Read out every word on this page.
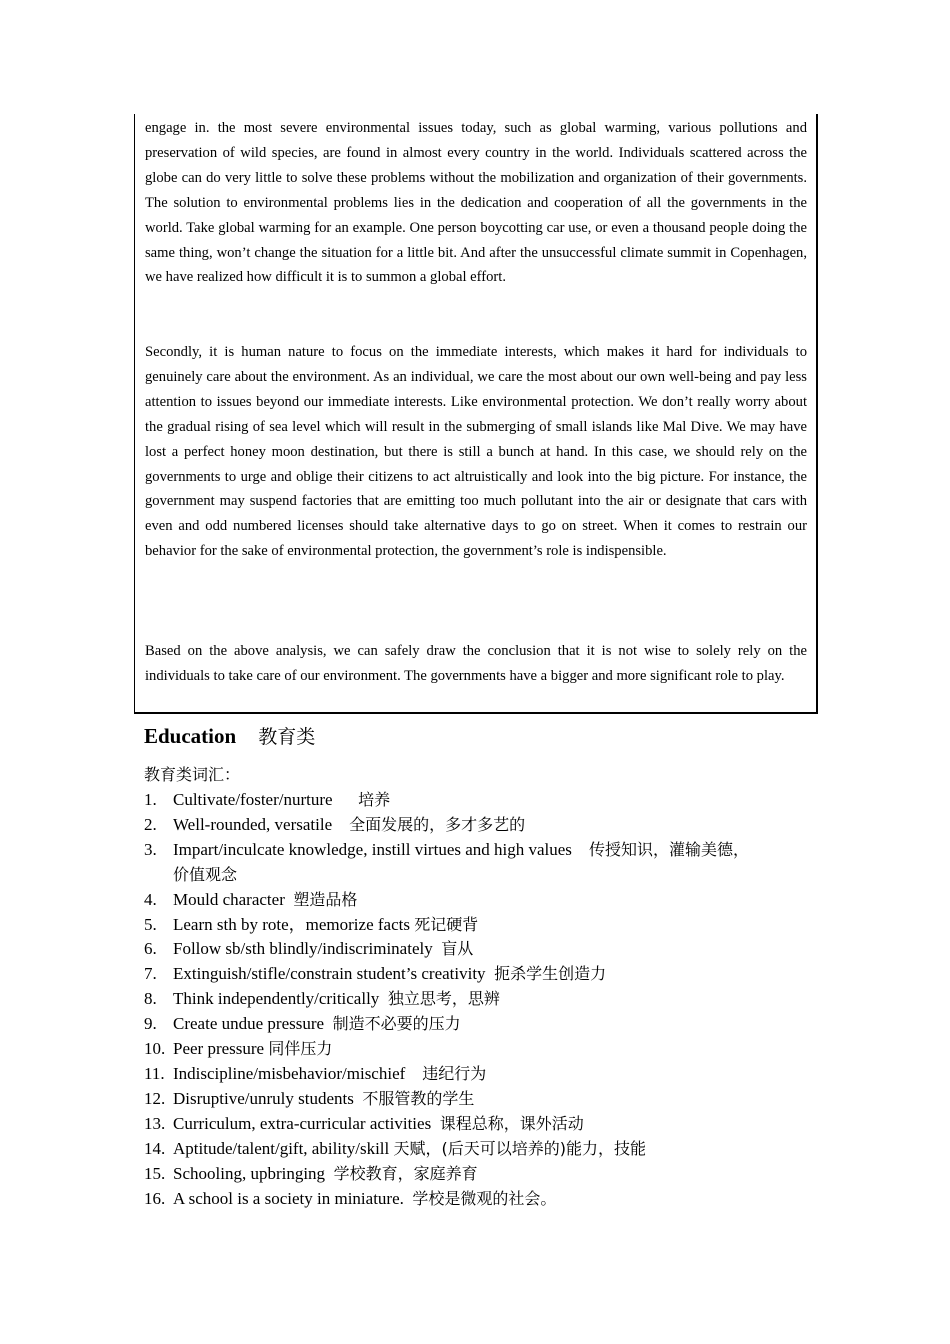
engage in. the most severe environmental issues today, such as global warming, various pollutions and preservation of wild species, are found in almost every country in the world. Individuals scattered across the globe can do very little to solve these problems without the mobilization and organization of their governments. The solution to environmental problems lies in the dedication and cooperation of all the governments in the world. Take global warming for an example. One person boycotting car use, or even a thousand people doing the same thing, won’t change the situation for a little bit. And after the unsuccessful climate summit in Copenhagen, we have realized how difficult it is to summon a global effort.

Secondly, it is human nature to focus on the immediate interests, which makes it hard for individuals to genuinely care about the environment. As an individual, we care the most about our own well-being and pay less attention to issues beyond our immediate interests. Like environmental protection. We don’t really worry about the gradual rising of sea level which will result in the submerging of small islands like Mal Dive. We may have lost a perfect honey moon destination, but there is still a bunch at hand. In this case, we should rely on the governments to urge and oblige their citizens to act altruistically and look into the big picture. For instance, the government may suspend factories that are emitting too much pollutant into the air or designate that cars with even and odd numbered licenses should take alternative days to go on street. When it comes to restrain our behavior for the sake of environmental protection, the government’s role is indispensible.

Based on the above analysis, we can safely draw the conclusion that it is not wise to solely rely on the individuals to take care of our environment. The governments have a bigger and more significant role to play.

Education 教育类

教育类词汇：

1. Cultivate/foster/nurture 培养
2. Well-rounded, versatile 全面发展的，多才多艺的
3. Impart/inculcate knowledge, instill virtues and high values 传授知识，灌输美德，
价值观念
4. Mould character 塑造品格
5. Learn sth by rote，memorize facts 死记硬背
6. Follow sb/sth blindly/indiscriminately 盲从
7. Extinguish/stifle/constrain student’s creativity 扼杀学生创造力
8. Think independently/critically 独立思考，思辨
9. Create undue pressure 制造不必要的压力
10. Peer pressure 同伴压力
11. Indiscipline/misbehavior/mischief 违纪行为
12. Disruptive/unruly students 不服管教的学生
13. Curriculum, extra-curricular activities 课程总称，课外活动
14. Aptitude/talent/gift, ability/skill 天赋，(后天可以培养的)能力，技能
15. Schooling, upbringing 学校教育，家庭养育
16. A school is a society in miniature. 学校是微观的社会。
